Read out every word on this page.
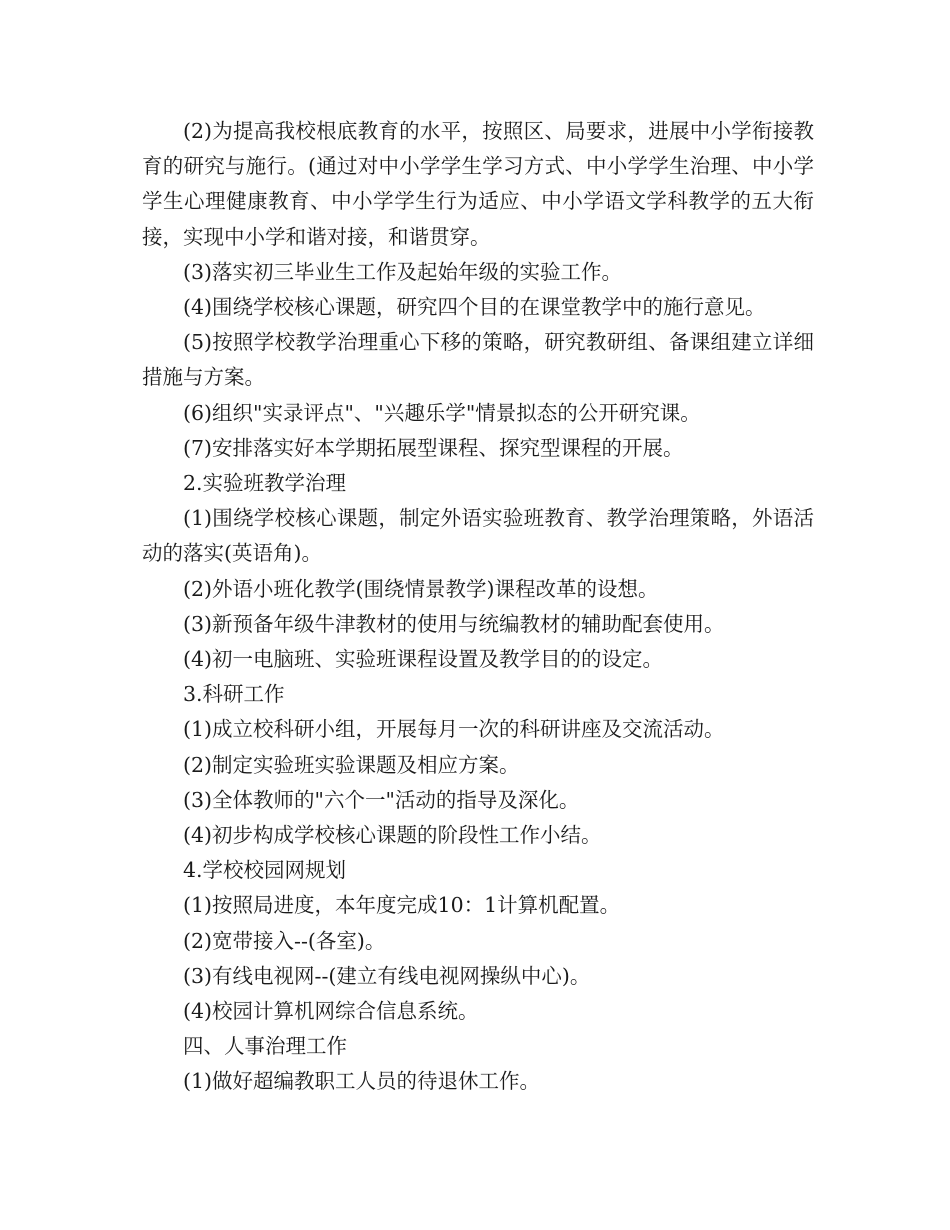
(2)为提高我校根底教育的水平，按照区、局要求，进展中小学衔接教育的研究与施行。(通过对中小学学生学习方式、中小学学生治理、中小学学生心理健康教育、中小学学生行为适应、中小学语文学科教学的五大衔接，实现中小学和谐对接，和谐贯穿。

(3)落实初三毕业生工作及起始年级的实验工作。

(4)围绕学校核心课题，研究四个目的在课堂教学中的施行意见。

(5)按照学校教学治理重心下移的策略，研究教研组、备课组建立详细措施与方案。

(6)组织"实录评点"、"兴趣乐学"情景拟态的公开研究课。

(7)安排落实好本学期拓展型课程、探究型课程的开展。

2.实验班教学治理

(1)围绕学校核心课题，制定外语实验班教育、教学治理策略，外语活动的落实(英语角)。

(2)外语小班化教学(围绕情景教学)课程改革的设想。

(3)新预备年级牛津教材的使用与统编教材的辅助配套使用。

(4)初一电脑班、实验班课程设置及教学目的的设定。

3.科研工作

(1)成立校科研小组，开展每月一次的科研讲座及交流活动。

(2)制定实验班实验课题及相应方案。

(3)全体教师的"六个一"活动的指导及深化。

(4)初步构成学校核心课题的阶段性工作小结。

4.学校校园网规划

(1)按照局进度，本年度完成10：1计算机配置。

(2)宽带接入--(各室)。

(3)有线电视网--(建立有线电视网操纵中心)。

(4)校园计算机网综合信息系统。

四、人事治理工作

(1)做好超编教职工人员的待退休工作。
